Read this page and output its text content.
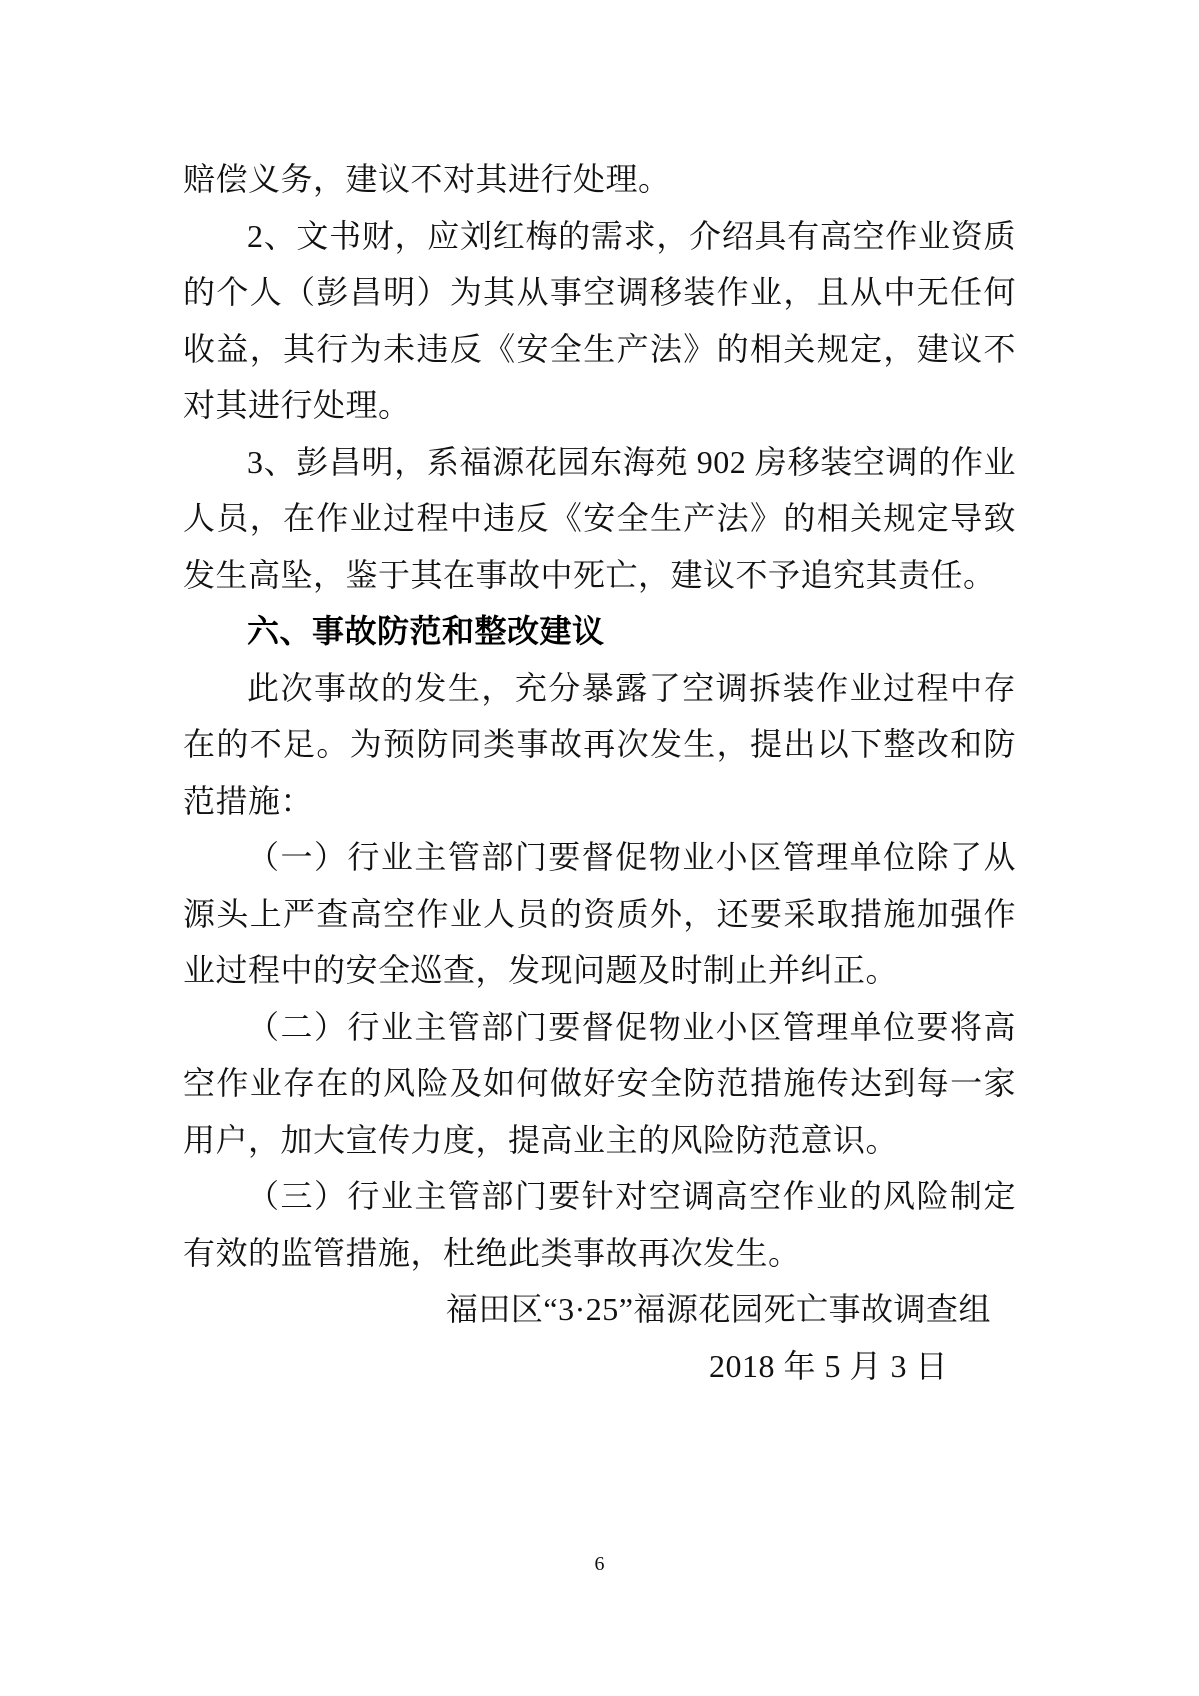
赔偿义务，建议不对其进行处理。

2、文书财，应刘红梅的需求，介绍具有高空作业资质的个人（彭昌明）为其从事空调移装作业，且从中无任何收益，其行为未违反《安全生产法》的相关规定，建议不对其进行处理。

3、彭昌明，系福源花园东海苑 902 房移装空调的作业人员，在作业过程中违反《安全生产法》的相关规定导致发生高坠，鉴于其在事故中死亡，建议不予追究其责任。

六、事故防范和整改建议

此次事故的发生，充分暴露了空调拆装作业过程中存在的不足。为预防同类事故再次发生，提出以下整改和防范措施：

（一）行业主管部门要督促物业小区管理单位除了从源头上严查高空作业人员的资质外，还要采取措施加强作业过程中的安全巡查，发现问题及时制止并纠正。

（二）行业主管部门要督促物业小区管理单位要将高空作业存在的风险及如何做好安全防范措施传达到每一家用户，加大宣传力度，提高业主的风险防范意识。

（三）行业主管部门要针对空调高空作业的风险制定有效的监管措施，杜绝此类事故再次发生。

福田区“3·25”福源花园死亡事故调查组

2018 年 5 月 3 日

6
